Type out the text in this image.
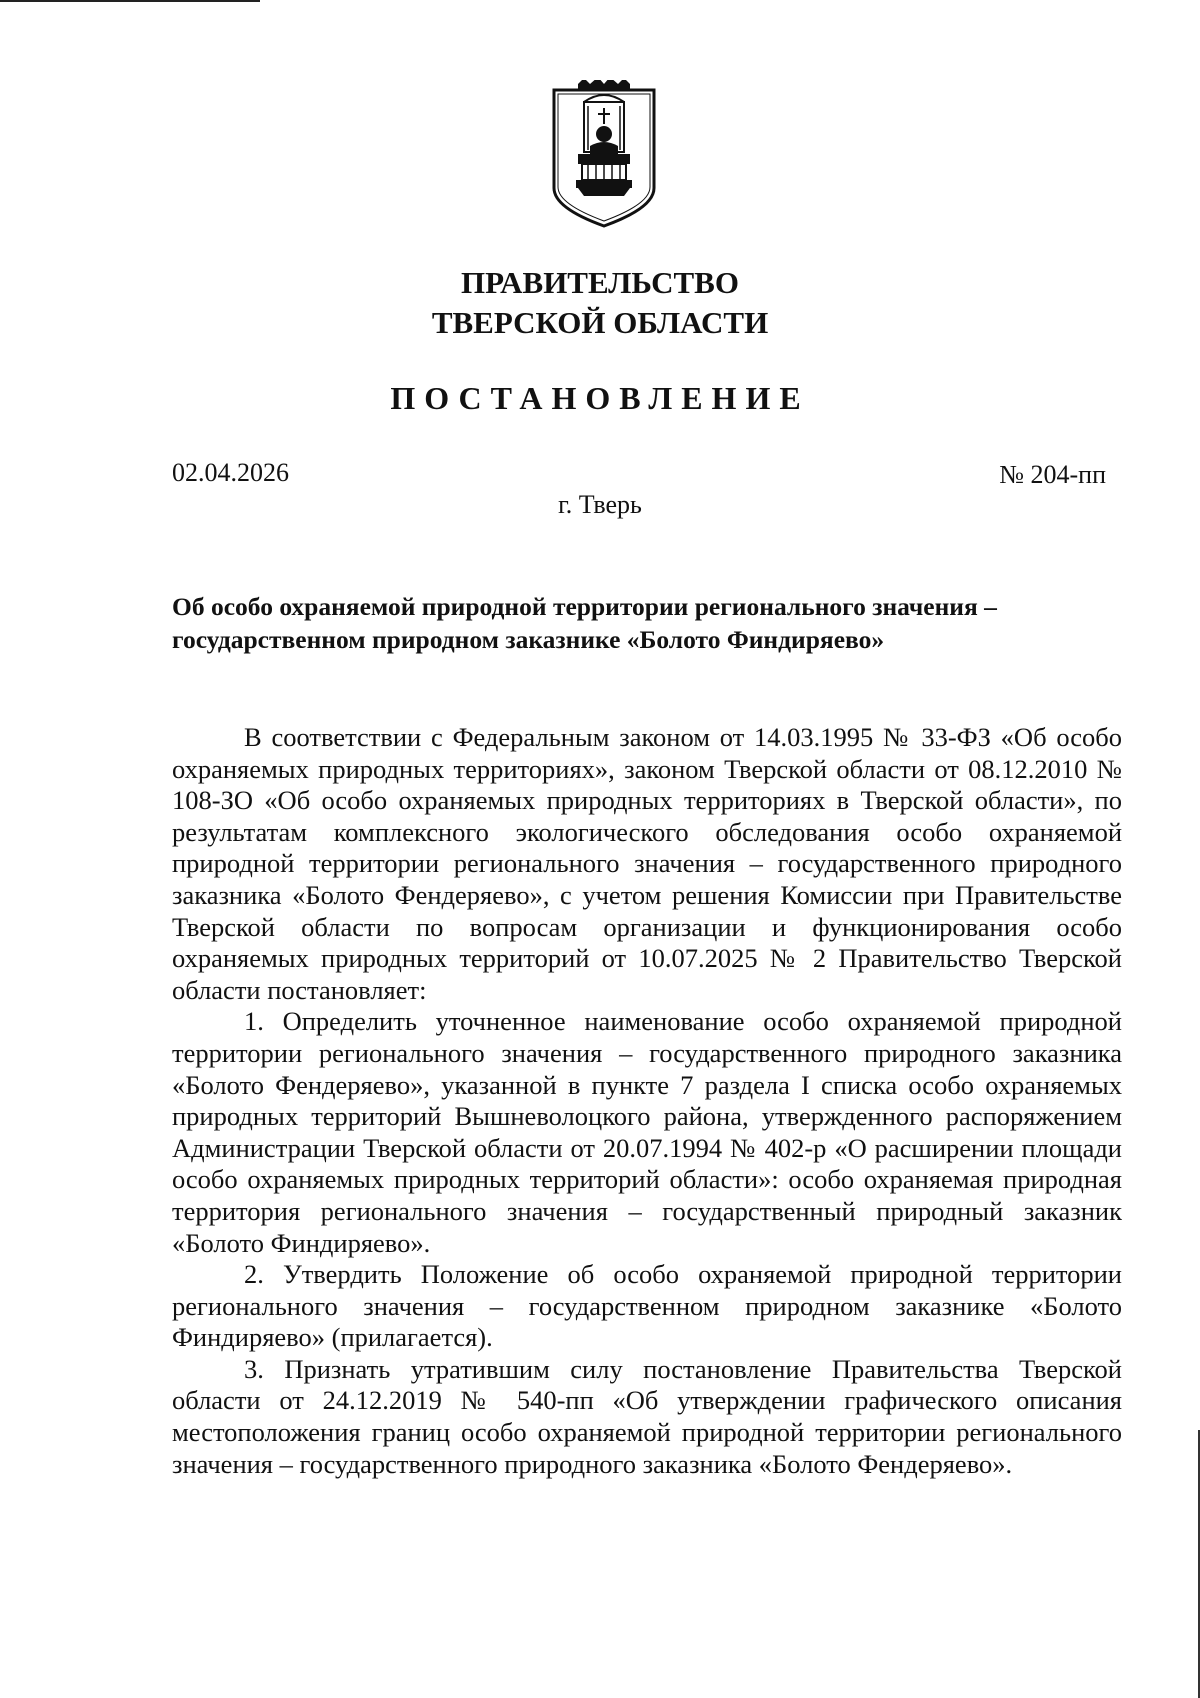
ПРАВИТЕЛЬСТВО
ТВЕРСКОЙ ОБЛАСТИ
ПОСТАНОВЛЕНИЕ
02.04.2026	№ 204-пп
г. Тверь
Об особо охраняемой природной территории регионального значения – государственном природном заказнике «Болото Финдиряево»

В соответствии с Федеральным законом от 14.03.1995 № 33-ФЗ «Об особо охраняемых природных территориях», законом Тверской области от 08.12.2010 № 108-ЗО «Об особо охраняемых природных территориях в Тверской области», по результатам комплексного экологического обследования особо охраняемой природной территории регионального значения – государственного природного заказника «Болото Фендеряево», с учетом решения Комиссии при Правительстве Тверской области по вопросам организации и функционирования особо охраняемых природных территорий от 10.07.2025 № 2 Правительство Тверской области постановляет:

1. Определить уточненное наименование особо охраняемой природной территории регионального значения – государственного природного заказника «Болото Фендеряево», указанной в пункте 7 раздела I списка особо охраняемых природных территорий Вышневолоцкого района, утвержденного распоряжением Администрации Тверской области от 20.07.1994 № 402-р «О расширении площади особо охраняемых природных территорий области»: особо охраняемая природная территория регионального значения – государственный природный заказник «Болото Финдиряево».

2. Утвердить Положение об особо охраняемой природной территории регионального значения – государственном природном заказнике «Болото Финдиряево» (прилагается).

3. Признать утратившим силу постановление Правительства Тверской области от 24.12.2019 № 540-пп «Об утверждении графического описания местоположения границ особо охраняемой природной территории регионального значения – государственного природного заказника «Болото Фендеряево».
